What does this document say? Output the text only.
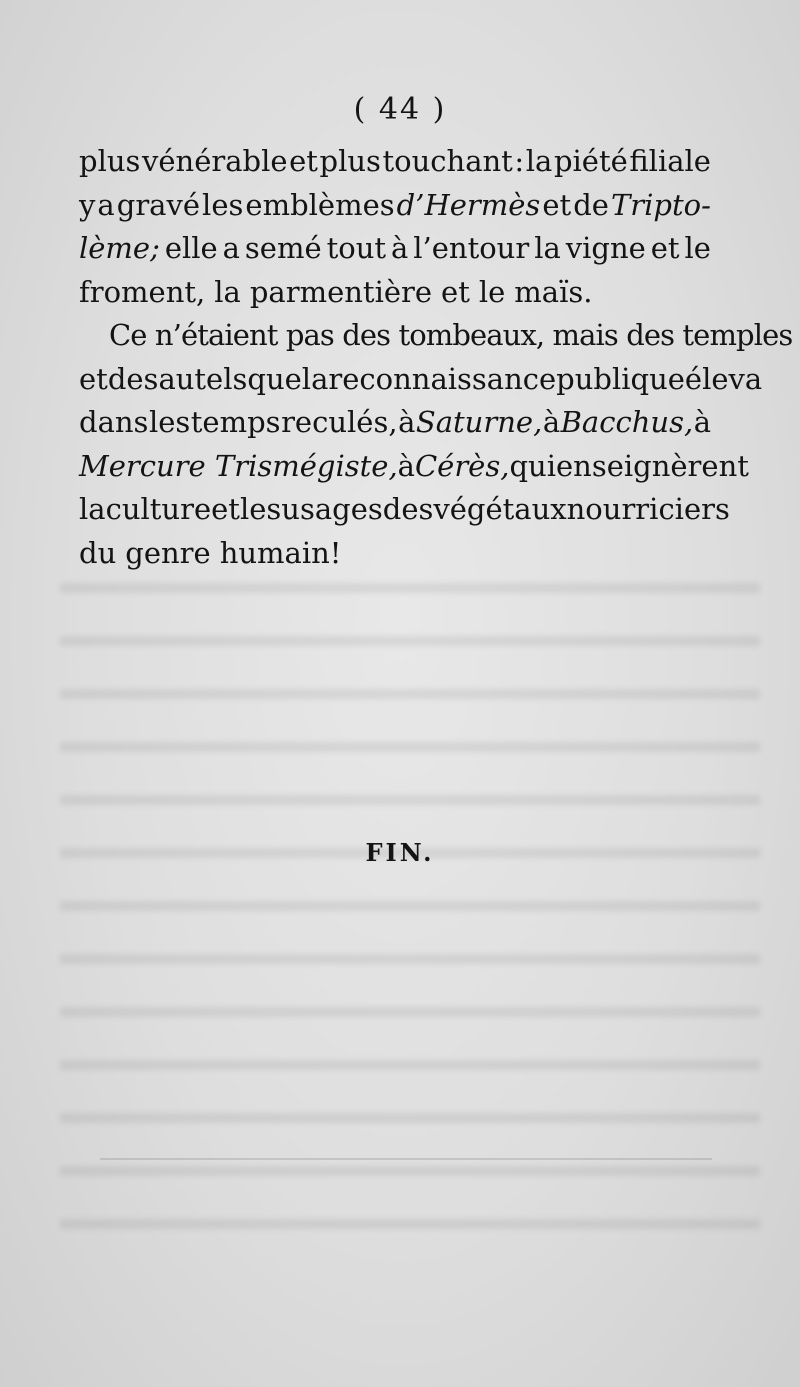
( 44 )
plus vénérable et plus touchant : la piété filiale
y a gravé les emblèmes d’Hermès et de Tripto-
lème; elle a semé tout à l’entour la vigne et le
froment, la parmentière et le maïs.
Ce n’étaient pas des tombeaux, mais des temples
et des autels que la reconnaissance publique éleva
dans les temps reculés, à Saturne, à Bacchus, à
Mercure Trismégiste, à Cérès, qui enseignèrent
la culture et les usages des végétaux nourriciers
du genre humain!
FIN.
